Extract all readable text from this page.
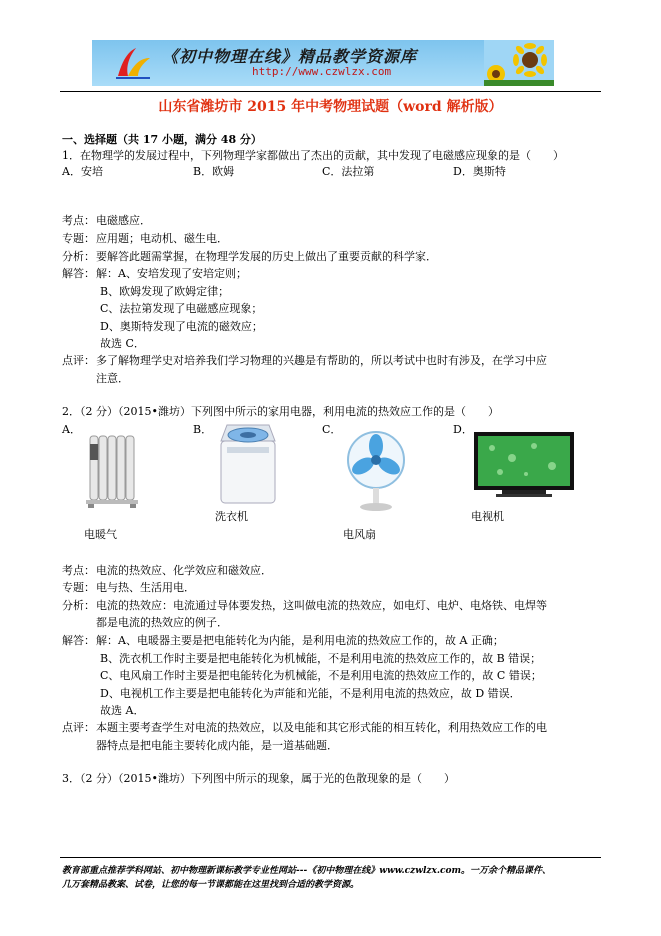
《初中物理在线》精品教学资源库
http://www.czwlzx.com
山东省潍坊市 2015 年中考物理试题（word 解析版）
一、选择题（共 17 小题，满分 48 分）
1．在物理学的发展过程中，下列物理学家都做出了杰出的贡献，其中发现了电磁感应现象的是（　　）
A．安培	B．欧姆	C．法拉第	D．奥斯特
考点： 电磁感应．
专题： 应用题；电动机、磁生电．
分析： 要解答此题需掌握，在物理学发展的历史上做出了重要贡献的科学家．
解答： 解：A、安培发现了安培定则；
B、欧姆发现了欧姆定律；
C、法拉第发现了电磁感应现象；
D、奥斯特发现了电流的磁效应；
故选 C．
点评： 多了解物理学史对培养我们学习物理的兴趣是有帮助的，所以考试中也时有涉及，在学习中应
注意．
2．（2 分）（2015•潍坊）下列图中所示的家用电器，利用电流的热效应工作的是（　　）
A．	B．	C．	D．
电暖气
洗衣机
电风扇
电视机
考点： 电流的热效应、化学效应和磁效应．
专题： 电与热、生活用电．
分析： 电流的热效应：电流通过导体要发热，这叫做电流的热效应，如电灯、电炉、电烙铁、电焊等
都是电流的热效应的例子．
解答： 解：A、电暖器主要是把电能转化为内能，是利用电流的热效应工作的，故 A 正确；
B、洗衣机工作时主要是把电能转化为机械能，不是利用电流的热效应工作的，故 B 错误；
C、电风扇工作时主要是把电能转化为机械能，不是利用电流的热效应工作的，故 C 错误；
D、电视机工作主要是把电能转化为声能和光能，不是利用电流的热效应，故 D 错误．
故选 A．
点评： 本题主要考查学生对电流的热效应，以及电能和其它形式能的相互转化，利用热效应工作的电
器特点是把电能主要转化成内能，是一道基础题．
3．（2 分）（2015•潍坊）下列图中所示的现象，属于光的色散现象的是（　　）
教育部重点推荐学科网站、初中物理新课标教学专业性网站---《初中物理在线》www.czwlzx.com。一万余个精品课件、
几万套精品教案、试卷，让您的每一节课都能在这里找到合适的教学资源。
